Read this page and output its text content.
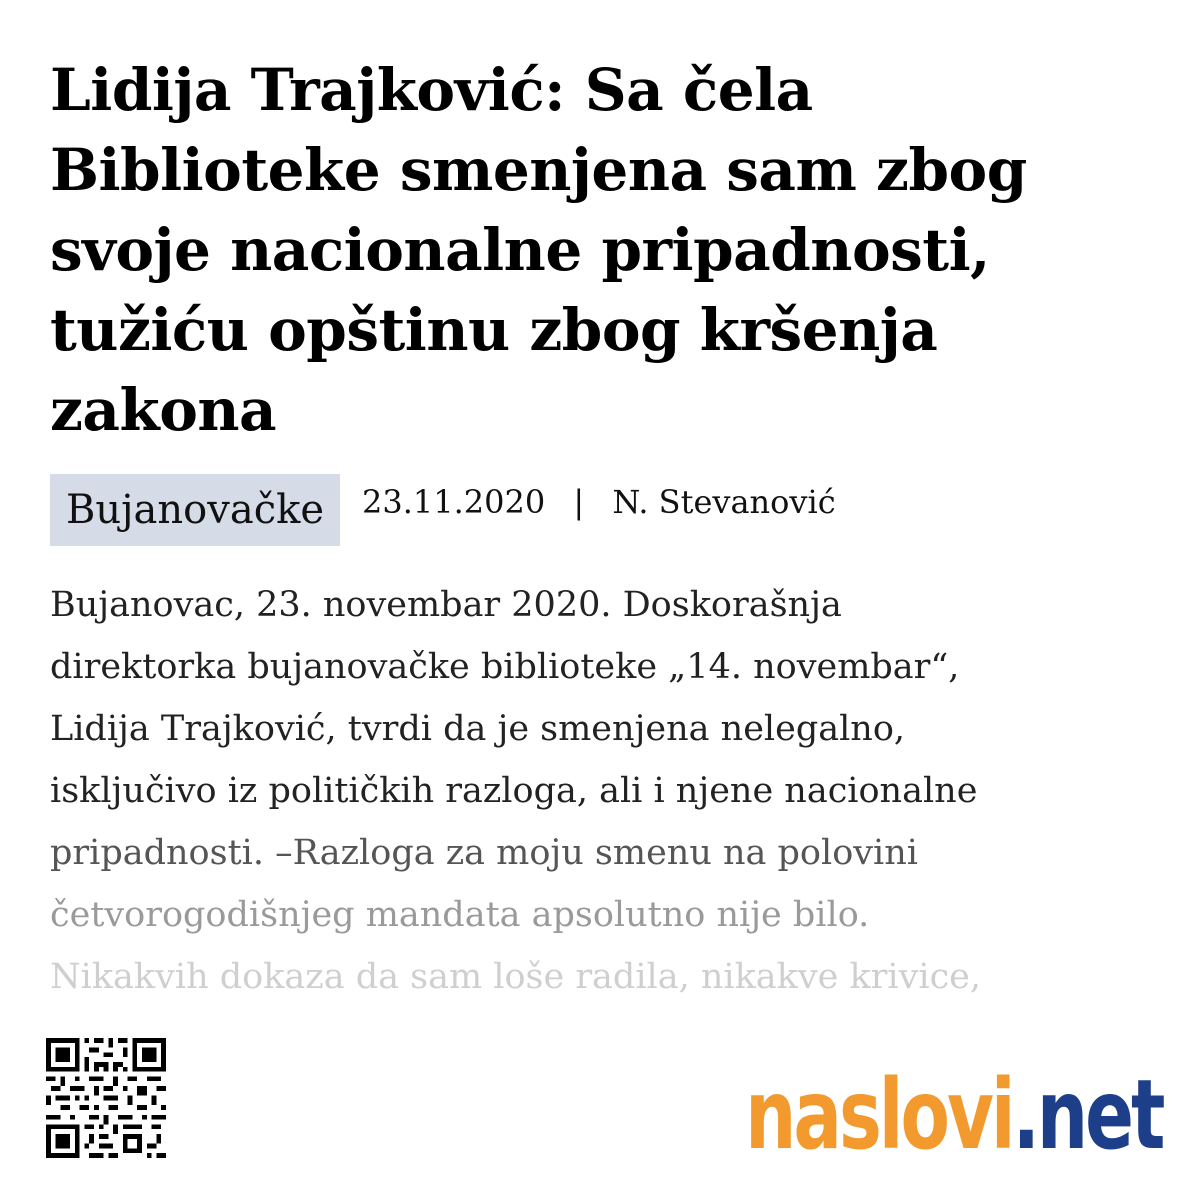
Lidija Trajković: Sa čela Biblioteke smenjena sam zbog svoje nacionalne pripadnosti, tužiću opštinu zbog kršenja zakona
Bujanovačke	23.11.2020 | N. Stevanović
Bujanovac, 23. novembar 2020. Doskorašnja
direktorka bujanovačke biblioteke „14. novembar“,
Lidija Trajković, tvrdi da je smenjena nelegalno,
isključivo iz političkih razloga, ali i njene nacionalne
pripadnosti. –Razloga za moju smenu na polovini
četvorogodišnjeg mandata apsolutno nije bilo.
Nikakvih dokaza da sam loše radila, nikakve krivice,
naslovi.net
